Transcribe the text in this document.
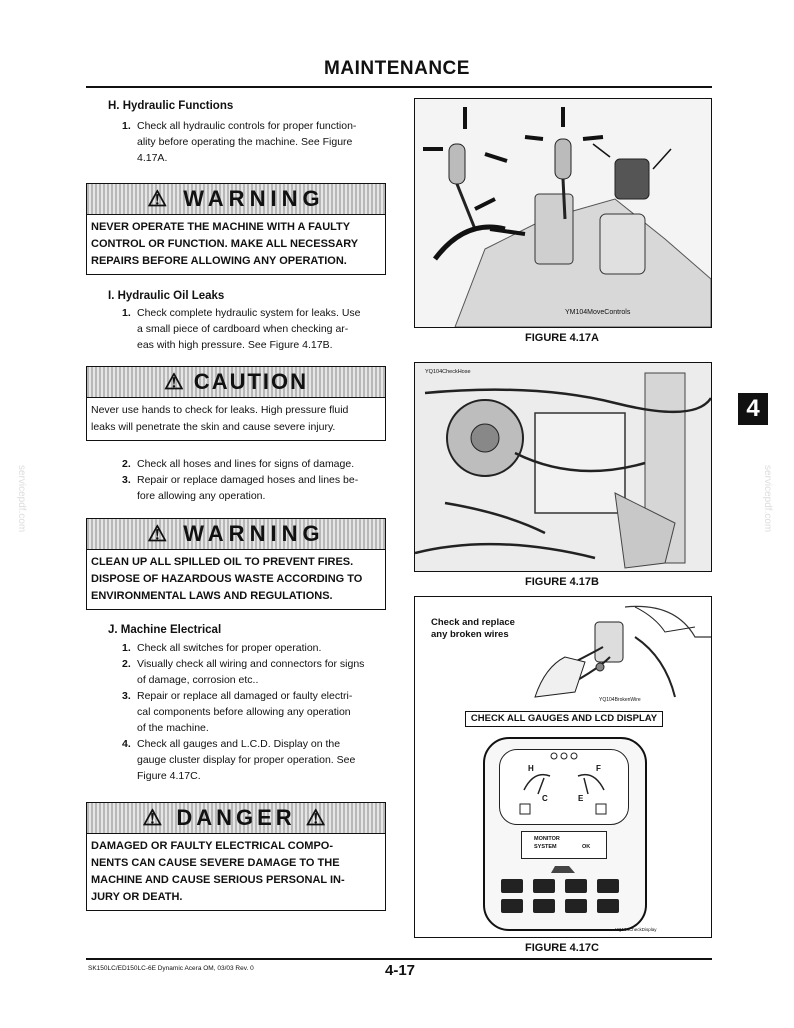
MAINTENANCE
servicepdf.com	servicepdf.com
H. Hydraulic Functions
1. Check all hydraulic controls for proper function-
ality before operating the machine. See Figure
4.17A.
⚠ WARNING
NEVER OPERATE THE MACHINE WITH A FAULTY
CONTROL OR FUNCTION. MAKE ALL NECESSARY
REPAIRS BEFORE ALLOWING ANY OPERATION.
I. Hydraulic Oil Leaks
1. Check complete hydraulic system for leaks. Use
a small piece of cardboard when checking ar-
eas with high pressure. See Figure 4.17B.
⚠ CAUTION
Never use hands to check for leaks. High pressure fluid
leaks will penetrate the skin and cause severe injury.
2. Check all hoses and lines for signs of damage.
3. Repair or replace damaged hoses and lines be-
fore allowing any operation.
⚠ WARNING
CLEAN UP ALL SPILLED OIL TO PREVENT FIRES.
DISPOSE OF HAZARDOUS WASTE ACCORDING TO
ENVIRONMENTAL LAWS AND REGULATIONS.
J. Machine Electrical
1. Check all switches for proper operation.
2. Visually check all wiring and connectors for signs
of damage, corrosion etc..
3. Repair or replace all damaged or faulty electri-
cal components before allowing any operation
of the machine.
4. Check all gauges and L.C.D. Display on the
gauge cluster display for proper operation. See
Figure 4.17C.
⚠ DANGER ⚠
DAMAGED OR FAULTY ELECTRICAL COMPO-
NENTS CAN CAUSE SEVERE DAMAGE TO THE
MACHINE AND CAUSE SERIOUS PERSONAL IN-
JURY OR DEATH.
YM104MoveControls
FIGURE 4.17A
YQ104CheckHose
FIGURE 4.17B
Check and replace
any broken wires
YQ104BrokenWire
CHECK ALL GAUGES AND LCD DISPLAY
H
C	E
F
MONITOR
SYSTEM	OK
YQ104CheckDisplay
FIGURE 4.17C
4
SK150LC/ED150LC-6E Dynamic Acera OM, 03/03 Rev. 0	4-17
